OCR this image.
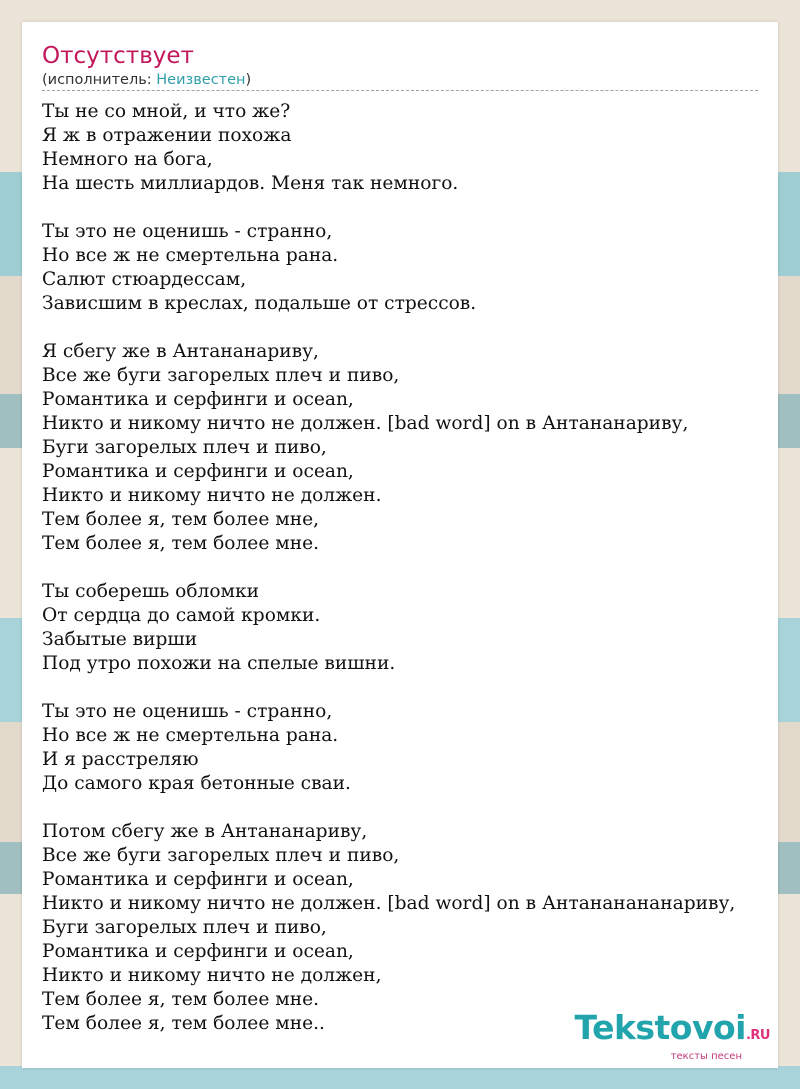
Отсутствует
(исполнитель: Неизвестен)
Ты не со мной, и что же?
Я ж в отражении похожа
Немного на бога,
На шесть миллиардов. Меня так немного.
Ты это не оценишь - странно,
Но все ж не смертельна рана.
Салют стюардессам,
Зависшим в креслах, подальше от стрессов.
Я сбегу же в Антананариву,
Все же буги загорелых плеч и пиво,
Романтика и серфинги и ocean,
Никто и никому ничто не должен. [bad word] on в Антананариву,
Буги загорелых плеч и пиво,
Романтика и серфинги и ocean,
Никто и никому ничто не должен.
Тем более я, тем более мне,
Тем более я, тем более мне.
Ты соберешь обломки
От сердца до самой кромки.
Забытые вирши
Под утро похожи на спелые вишни.
Ты это не оценишь - странно,
Но все ж не смертельна рана.
И я расстреляю
До самого края бетонные сваи.
Потом сбегу же в Антананариву,
Все же буги загорелых плеч и пиво,
Романтика и серфинги и ocean,
Никто и никому ничто не должен. [bad word] on в Антананананариву,
Буги загорелых плеч и пиво,
Романтика и серфинги и ocean,
Никто и никому ничто не должен,
Тем более я, тем более мне.
Тем более я, тем более мне..	Tekstovoi.RU
тексты песен
